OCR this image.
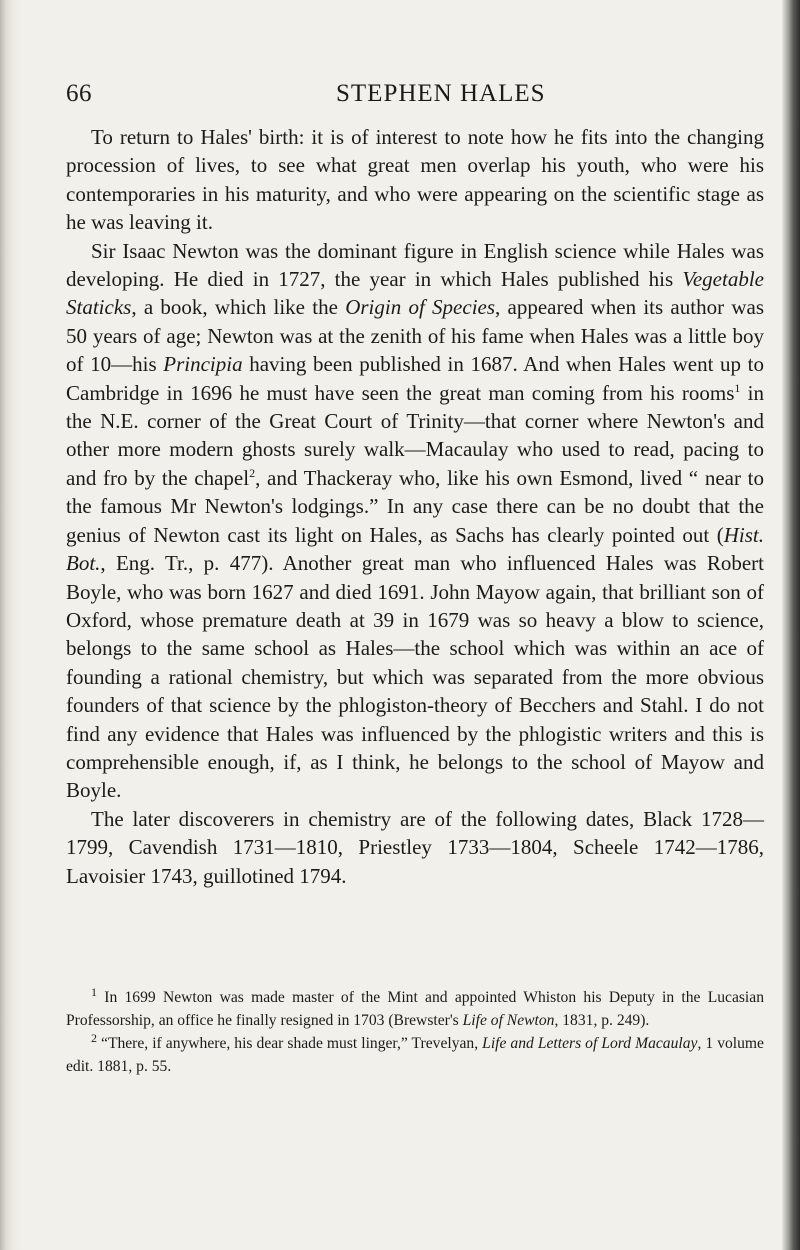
66	STEPHEN HALES

To return to Hales' birth: it is of interest to note how he fits into the changing procession of lives, to see what great men overlap his youth, who were his contemporaries in his maturity, and who were appearing on the scientific stage as he was leaving it.

Sir Isaac Newton was the dominant figure in English science while Hales was developing. He died in 1727, the year in which Hales published his Vegetable Staticks, a book, which like the Origin of Species, appeared when its author was 50 years of age; Newton was at the zenith of his fame when Hales was a little boy of 10—his Principia having been published in 1687. And when Hales went up to Cambridge in 1696 he must have seen the great man coming from his rooms$^1$ in the N.E. corner of the Great Court of Trinity—that corner where Newton's and other more modern ghosts surely walk—Macaulay who used to read, pacing to and fro by the chapel$^2$, and Thackeray who, like his own Esmond, lived “ near to the famous Mr Newton's lodgings.” In any case there can be no doubt that the genius of Newton cast its light on Hales, as Sachs has clearly pointed out (Hist. Bot., Eng. Tr., p. 477). Another great man who influenced Hales was Robert Boyle, who was born 1627 and died 1691. John Mayow again, that brilliant son of Oxford, whose premature death at 39 in 1679 was so heavy a blow to science, belongs to the same school as Hales—the school which was within an ace of founding a rational chemistry, but which was separated from the more obvious founders of that science by the phlogiston-theory of Becchers and Stahl. I do not find any evidence that Hales was influenced by the phlogistic writers and this is comprehensible enough, if, as I think, he belongs to the school of Mayow and Boyle.

The later discoverers in chemistry are of the following dates, Black 1728—1799, Cavendish 1731—1810, Priestley 1733—1804, Scheele 1742—1786, Lavoisier 1743, guillotined 1794.

$^1$ In 1699 Newton was made master of the Mint and appointed Whiston his Deputy in the Lucasian Professorship, an office he finally resigned in 1703 (Brewster's Life of Newton, 1831, p. 249).

$^2$ “There, if anywhere, his dear shade must linger,” Trevelyan, Life and Letters of Lord Macaulay, 1 volume edit. 1881, p. 55.
